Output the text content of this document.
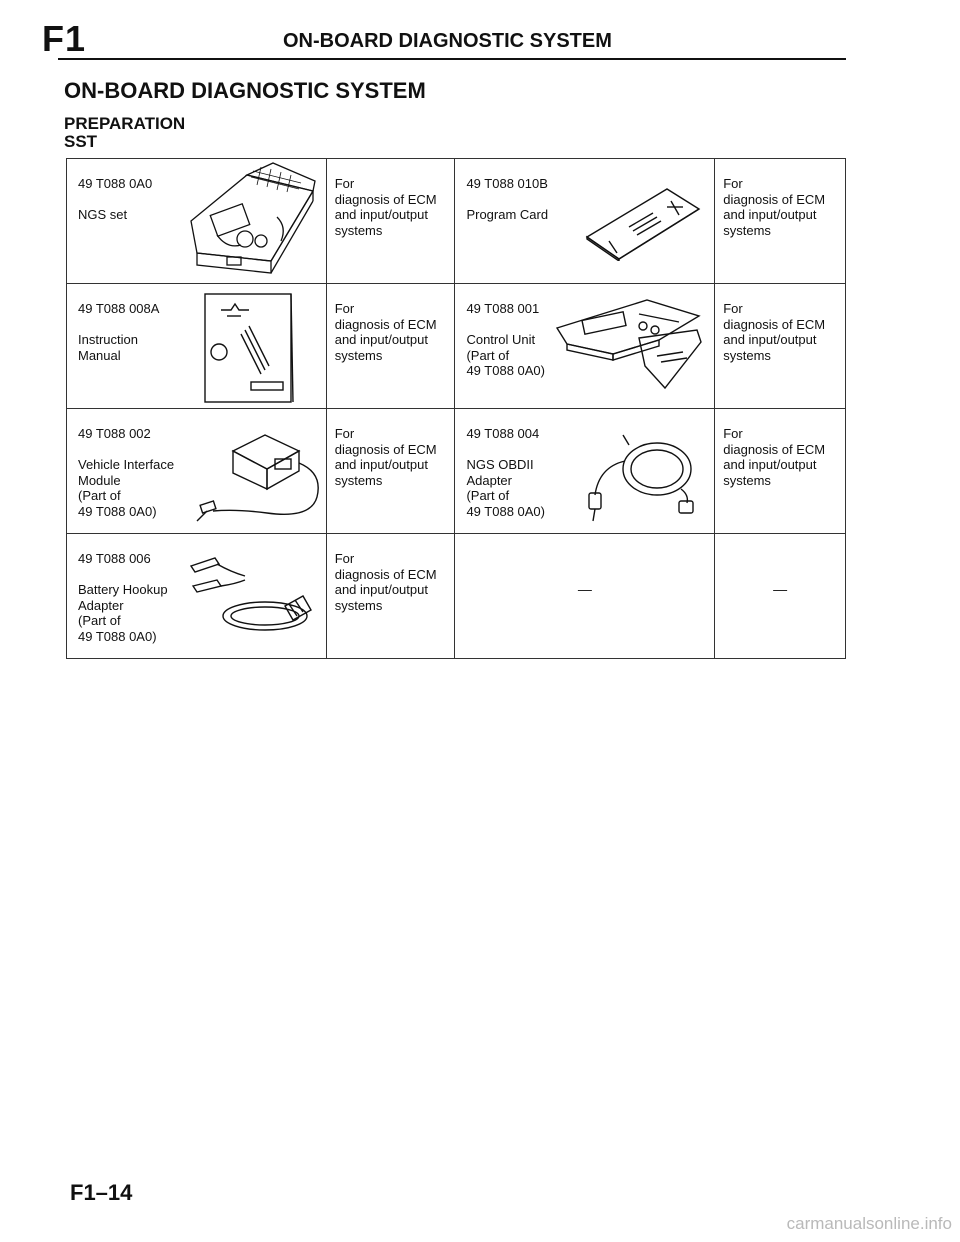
F1	ON-BOARD DIAGNOSTIC SYSTEM
ON-BOARD DIAGNOSTIC SYSTEM
PREPARATION
SST
49 T088 0A0

NGS set	For
diagnosis of ECM
and input/output
systems	49 T088 010B

Program Card	For
diagnosis of ECM
and input/output
systems

49 T088 008A

Instruction
Manual	For
diagnosis of ECM
and input/output
systems	49 T088 001

Control Unit
(Part of
49 T088 0A0)	For
diagnosis of ECM
and input/output
systems

49 T088 002

Vehicle Interface
Module
(Part of
49 T088 0A0)	For
diagnosis of ECM
and input/output
systems	49 T088 004

NGS OBDII
Adapter
(Part of
49 T088 0A0)	For
diagnosis of ECM
and input/output
systems

49 T088 006

Battery Hookup
Adapter
(Part of
49 T088 0A0)	For
diagnosis of ECM
and input/output
systems	—	—
F1–14
carmanualsonline.info
